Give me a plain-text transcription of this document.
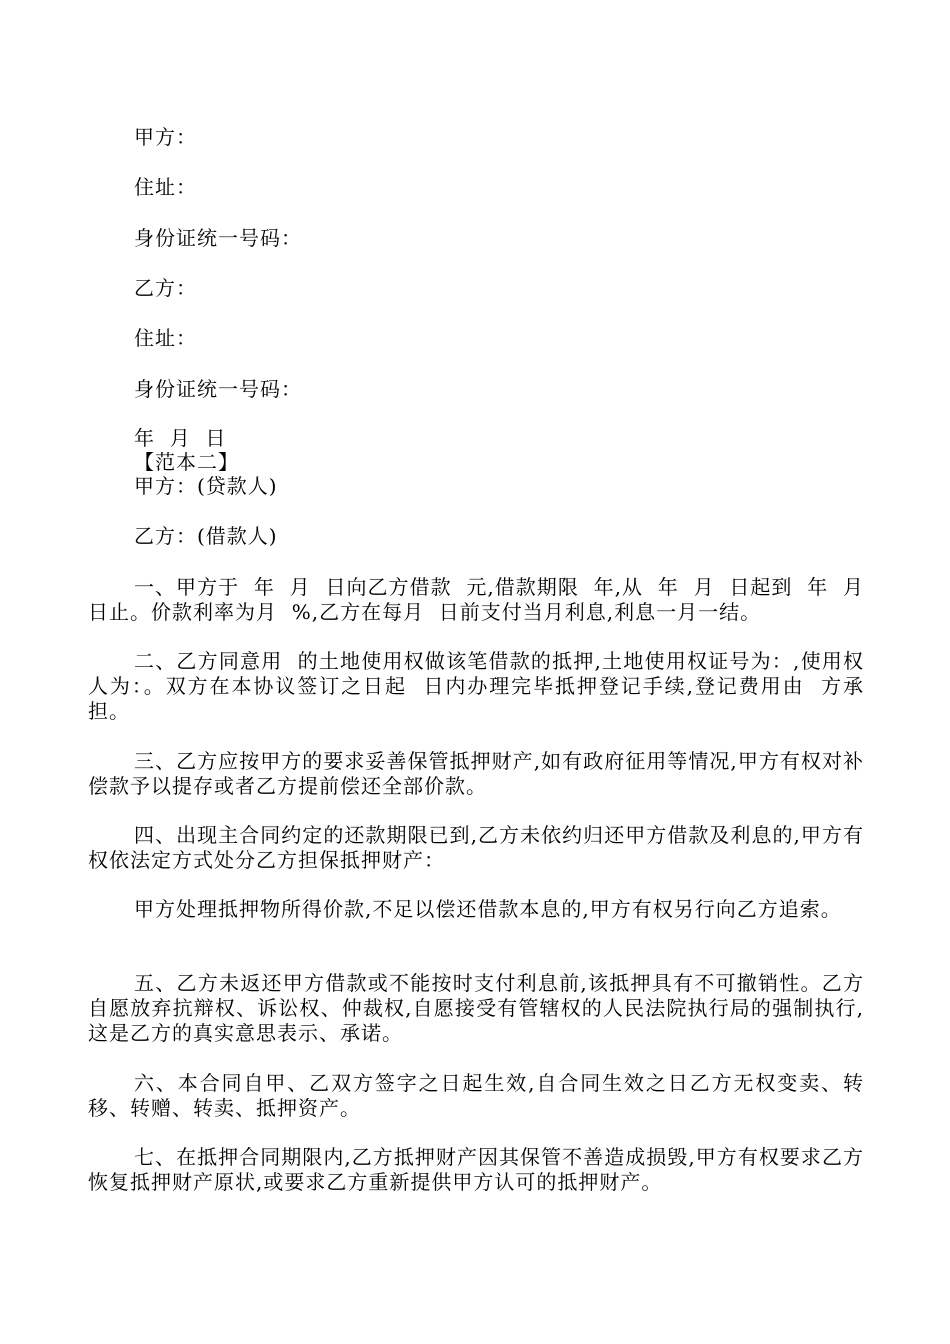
甲方：
住址：
身份证统一号码：
乙方：
住址：
身份证统一号码：
年  月  日
【范本二】
甲方：(贷款人)
乙方：(借款人)
一、甲方于  年  月  日向乙方借款  元,借款期限  年,从  年  月  日起到  年  月  日止。价款利率为月  %,乙方在每月  日前支付当月利息,利息一月一结。
二、乙方同意用  的土地使用权做该笔借款的抵押,土地使用权证号为：,使用权人为：。双方在本协议签订之日起  日内办理完毕抵押登记手续,登记费用由  方承担。
三、乙方应按甲方的要求妥善保管抵押财产,如有政府征用等情况,甲方有权对补偿款予以提存或者乙方提前偿还全部价款。
四、出现主合同约定的还款期限已到,乙方未依约归还甲方借款及利息的,甲方有权依法定方式处分乙方担保抵押财产：
甲方处理抵押物所得价款,不足以偿还借款本息的,甲方有权另行向乙方追索。
五、乙方未返还甲方借款或不能按时支付利息前,该抵押具有不可撤销性。乙方自愿放弃抗辩权、诉讼权、仲裁权,自愿接受有管辖权的人民法院执行局的强制执行,这是乙方的真实意思表示、承诺。
六、本合同自甲、乙双方签字之日起生效,自合同生效之日乙方无权变卖、转移、转赠、转卖、抵押资产。
七、在抵押合同期限内,乙方抵押财产因其保管不善造成损毁,甲方有权要求乙方恢复抵押财产原状,或要求乙方重新提供甲方认可的抵押财产。
